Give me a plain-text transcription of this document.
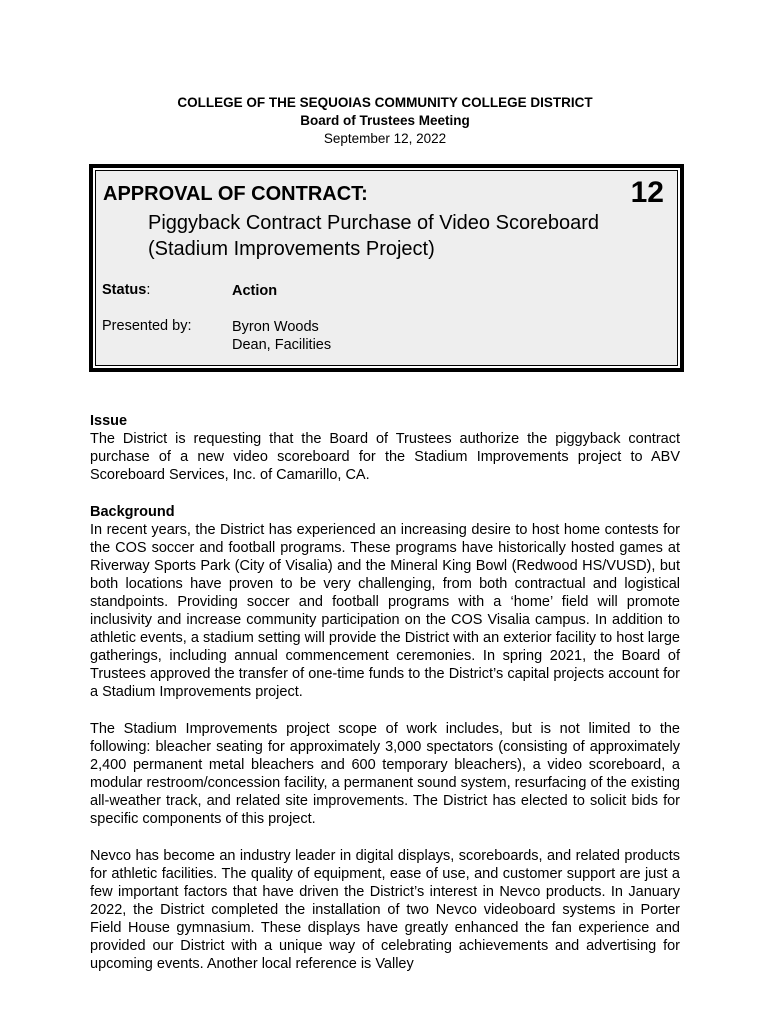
COLLEGE OF THE SEQUOIAS COMMUNITY COLLEGE DISTRICT
Board of Trustees Meeting
September 12, 2022
12
APPROVAL OF CONTRACT:
Piggyback Contract Purchase of Video Scoreboard
(Stadium Improvements Project)
Status:	Action
Presented by:	Byron Woods
Dean, Facilities

Issue

The District is requesting that the Board of Trustees authorize the piggyback contract purchase of a new video scoreboard for the Stadium Improvements project to ABV Scoreboard Services, Inc. of Camarillo, CA.

Background

In recent years, the District has experienced an increasing desire to host home contests for the COS soccer and football programs. These programs have historically hosted games at Riverway Sports Park (City of Visalia) and the Mineral King Bowl (Redwood HS/VUSD), but both locations have proven to be very challenging, from both contractual and logistical standpoints. Providing soccer and football programs with a ‘home’ field will promote inclusivity and increase community participation on the COS Visalia campus. In addition to athletic events, a stadium setting will provide the District with an exterior facility to host large gatherings, including annual commencement ceremonies. In spring 2021, the Board of Trustees approved the transfer of one-time funds to the District’s capital projects account for a Stadium Improvements project.

The Stadium Improvements project scope of work includes, but is not limited to the following: bleacher seating for approximately 3,000 spectators (consisting of approximately 2,400 permanent metal bleachers and 600 temporary bleachers), a video scoreboard, a modular restroom/concession facility, a permanent sound system, resurfacing of the existing all-weather track, and related site improvements. The District has elected to solicit bids for specific components of this project.

Nevco has become an industry leader in digital displays, scoreboards, and related products for athletic facilities. The quality of equipment, ease of use, and customer support are just a few important factors that have driven the District’s interest in Nevco products. In January 2022, the District completed the installation of two Nevco videoboard systems in Porter Field House gymnasium. These displays have greatly enhanced the fan experience and provided our District with a unique way of celebrating achievements and advertising for upcoming events. Another local reference is Valley
